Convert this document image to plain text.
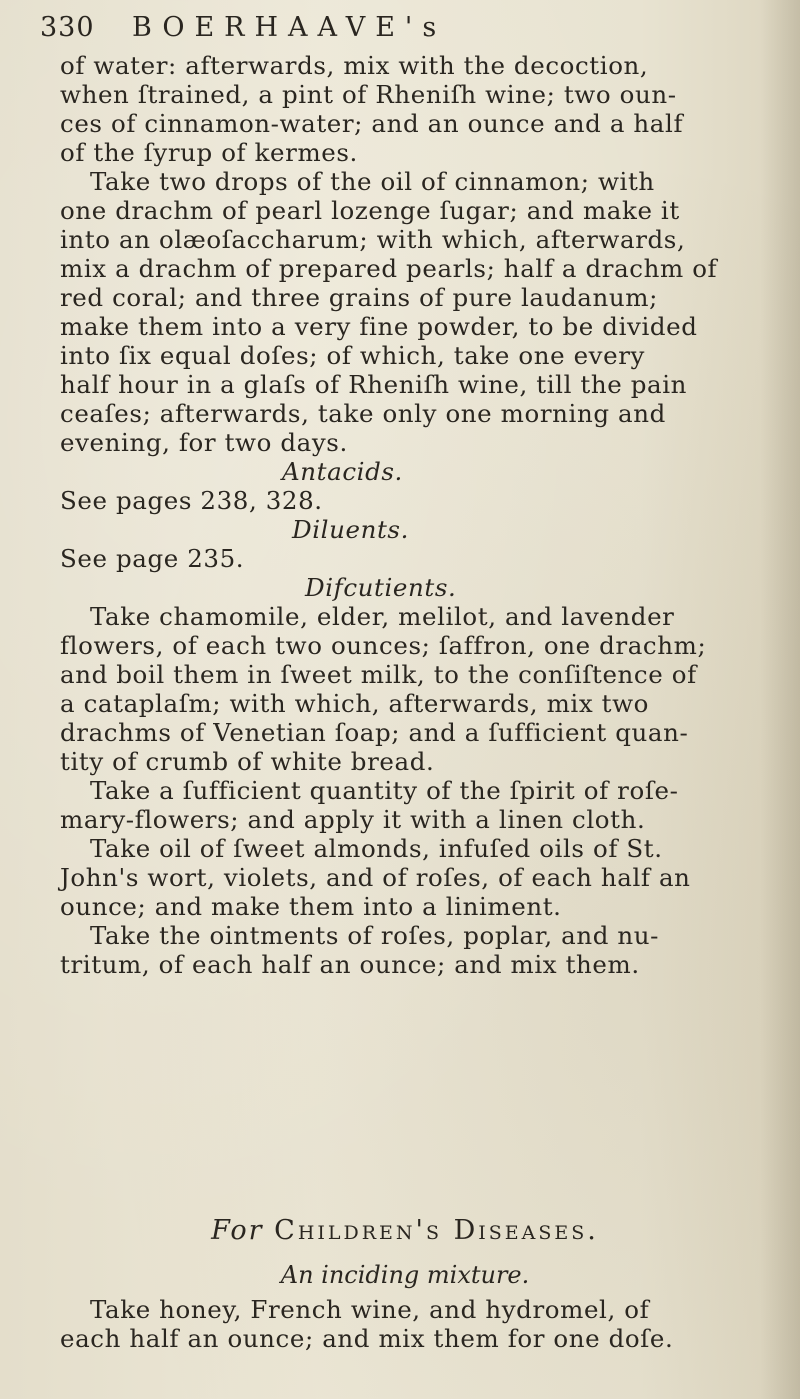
330 BOERHAAVE's
of water: afterwards, mix with the decoction,
when ſtrained, a pint of Rheniſh wine; two oun-
ces of cinnamon-water; and an ounce and a half
of the ſyrup of kermes.
Take two drops of the oil of cinnamon; with
one drachm of pearl lozenge ſugar; and make it
into an olæoſaccharum; with which, afterwards,
mix a drachm of prepared pearls; half a drachm of
red coral; and three grains of pure laudanum;
make them into a very fine powder, to be divided
into ſix equal doſes; of which, take one every
half hour in a glaſs of Rheniſh wine, till the pain
ceaſes; afterwards, take only one morning and
evening, for two days.
Antacids.
See pages 238, 328.
Diluents.
See page 235.
Difcutients.
Take chamomile, elder, melilot, and lavender
flowers, of each two ounces; ſaffron, one drachm;
and boil them in ſweet milk, to the conſiſtence of
a cataplaſm; with which, afterwards, mix two
drachms of Venetian ſoap; and a ſufficient quan-
tity of crumb of white bread.
Take a ſufficient quantity of the ſpirit of roſe-
mary-flowers; and apply it with a linen cloth.
Take oil of ſweet almonds, infuſed oils of St.
John's wort, violets, and of roſes, of each half an
ounce; and make them into a liniment.
Take the ointments of roſes, poplar, and nu-
tritum, of each half an ounce; and mix them.
For Children's Diseases.
An inciding mixture.
Take honey, French wine, and hydromel, of
each half an ounce; and mix them for one doſe.
